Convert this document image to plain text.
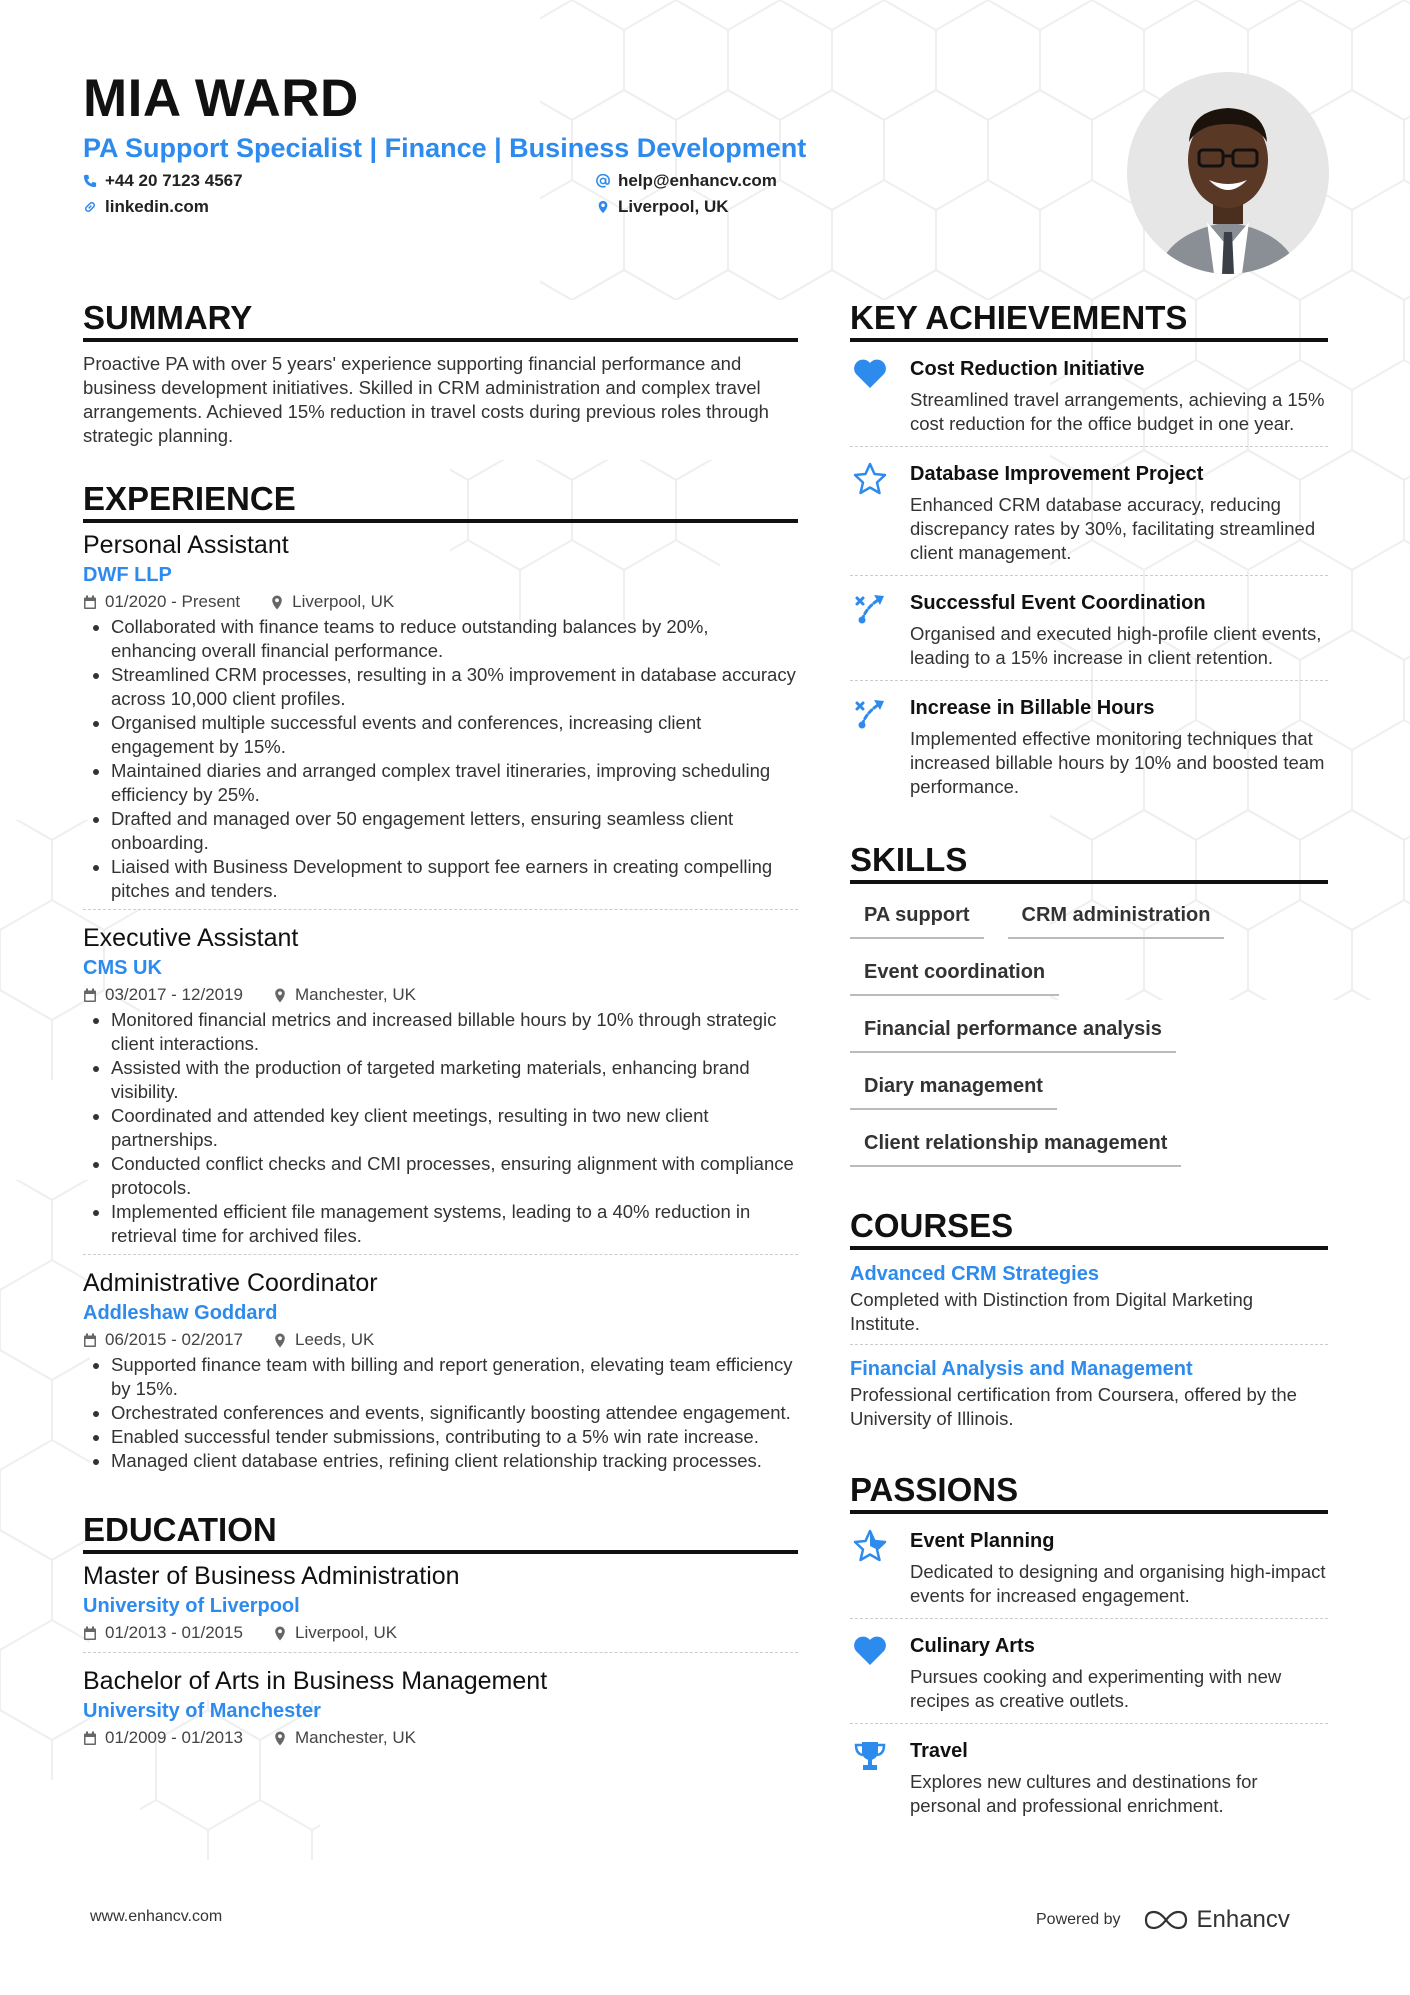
MIA WARD
PA Support Specialist | Finance | Business Development
+44 20 7123 4567	help@enhancv.com
linkedin.com	Liverpool, UK
SUMMARY
Proactive PA with over 5 years' experience supporting financial performance and business development initiatives. Skilled in CRM administration and complex travel arrangements. Achieved 15% reduction in travel costs during previous roles through strategic planning.
EXPERIENCE
Personal Assistant
DWF LLP
01/2020 - Present	Liverpool, UK
• Collaborated with finance teams to reduce outstanding balances by 20%, enhancing overall financial performance.
• Streamlined CRM processes, resulting in a 30% improvement in database accuracy across 10,000 client profiles.
• Organised multiple successful events and conferences, increasing client engagement by 15%.
• Maintained diaries and arranged complex travel itineraries, improving scheduling efficiency by 25%.
• Drafted and managed over 50 engagement letters, ensuring seamless client onboarding.
• Liaised with Business Development to support fee earners in creating compelling pitches and tenders.
Executive Assistant
CMS UK
03/2017 - 12/2019	Manchester, UK
• Monitored financial metrics and increased billable hours by 10% through strategic client interactions.
• Assisted with the production of targeted marketing materials, enhancing brand visibility.
• Coordinated and attended key client meetings, resulting in two new client partnerships.
• Conducted conflict checks and CMI processes, ensuring alignment with compliance protocols.
• Implemented efficient file management systems, leading to a 40% reduction in retrieval time for archived files.
Administrative Coordinator
Addleshaw Goddard
06/2015 - 02/2017	Leeds, UK
• Supported finance team with billing and report generation, elevating team efficiency by 15%.
• Orchestrated conferences and events, significantly boosting attendee engagement.
• Enabled successful tender submissions, contributing to a 5% win rate increase.
• Managed client database entries, refining client relationship tracking processes.
EDUCATION
Master of Business Administration
University of Liverpool
01/2013 - 01/2015	Liverpool, UK
Bachelor of Arts in Business Management
University of Manchester
01/2009 - 01/2013	Manchester, UK
KEY ACHIEVEMENTS
Cost Reduction Initiative
Streamlined travel arrangements, achieving a 15% cost reduction for the office budget in one year.
Database Improvement Project
Enhanced CRM database accuracy, reducing discrepancy rates by 30%, facilitating streamlined client management.
Successful Event Coordination
Organised and executed high-profile client events, leading to a 15% increase in client retention.
Increase in Billable Hours
Implemented effective monitoring techniques that increased billable hours by 10% and boosted team performance.
SKILLS
PA support	CRM administration
Event coordination
Financial performance analysis
Diary management
Client relationship management
COURSES
Advanced CRM Strategies
Completed with Distinction from Digital Marketing Institute.
Financial Analysis and Management
Professional certification from Coursera, offered by the University of Illinois.
PASSIONS
Event Planning
Dedicated to designing and organising high-impact events for increased engagement.
Culinary Arts
Pursues cooking and experimenting with new recipes as creative outlets.
Travel
Explores new cultures and destinations for personal and professional enrichment.
www.enhancv.com	Powered by	Enhancv
